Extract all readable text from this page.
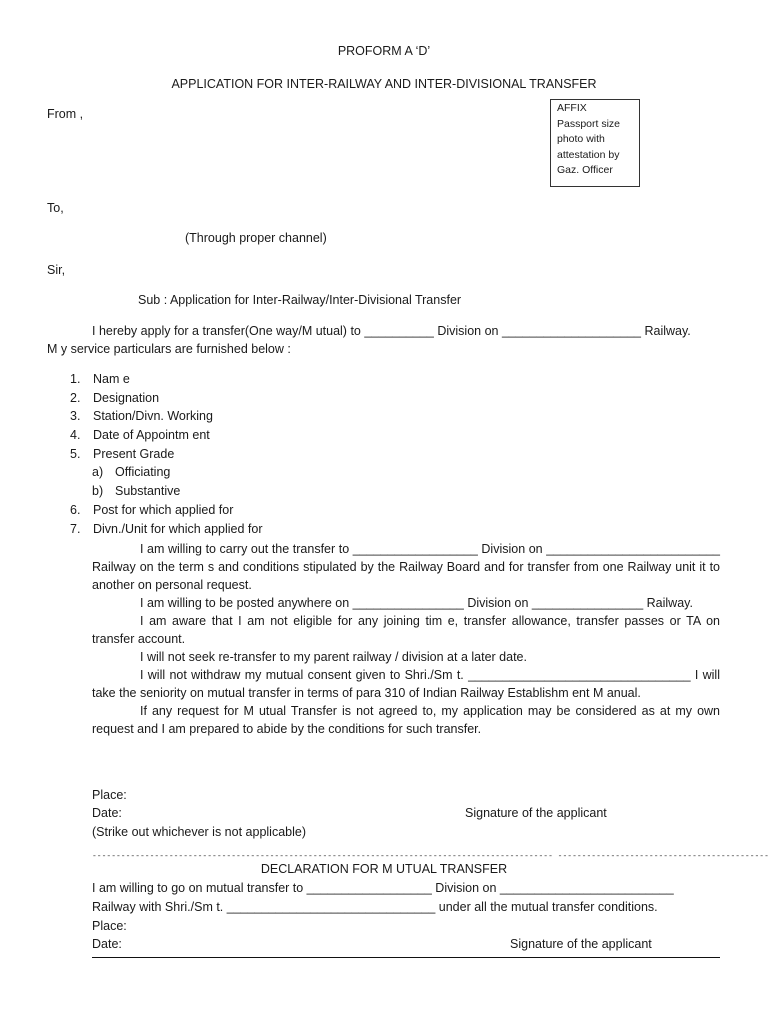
PROFORM A ‘D’
APPLICATION FOR INTER-RAILWAY AND INTER-DIVISIONAL TRANSFER
AFFIX
Passport size
photo with
attestation by
Gaz. Officer
From ,
To,
(Through proper channel)
Sir,
Sub : Application for Inter-Railway/Inter-Divisional Transfer
I hereby apply for a transfer(One way/M utual) to __________ Division on ____________________ Railway.
M y service particulars are furnished below :
1.	Nam e
2.	Designation
3.	Station/Divn. Working
4.	Date of Appointm ent
5.	Present Grade
a) Officiating
b) Substantive
6.	Post for which applied for
7.	Divn./Unit for which applied for

I am willing to carry out the transfer to __________________ Division on _________________________ Railway on the term s and conditions stipulated by the Railway Board and for transfer from one Railway unit it to another on personal request.

I am willing to be posted anywhere on ________________ Division on ________________ Railway.

I am aware that I am not eligible for any joining tim e, transfer allowance, transfer passes or TA on transfer account.

I will not seek re-transfer to my parent railway / division at a later date.

I will not withdraw my mutual consent given to Shri./Sm t. ________________________________ I will take the seniority on mutual transfer in terms of para 310 of Indian Railway Establishm ent M anual.

If any request for M utual Transfer is not agreed to, my application may be considered as at my own request and I am prepared to abide by the conditions for such transfer.

Place:
Date:	Signature of the applicant
(Strike out whichever is not applicable)
------------------------------------------------------------------------------------------------ --------------------------------------------
DECLARATION FOR M UTUAL TRANSFER
I am willing to go on mutual transfer to __________________ Division on _________________________
Railway with Shri./Sm t. ______________________________ under all the mutual transfer conditions.
Place:
Date:	Signature of the applicant
